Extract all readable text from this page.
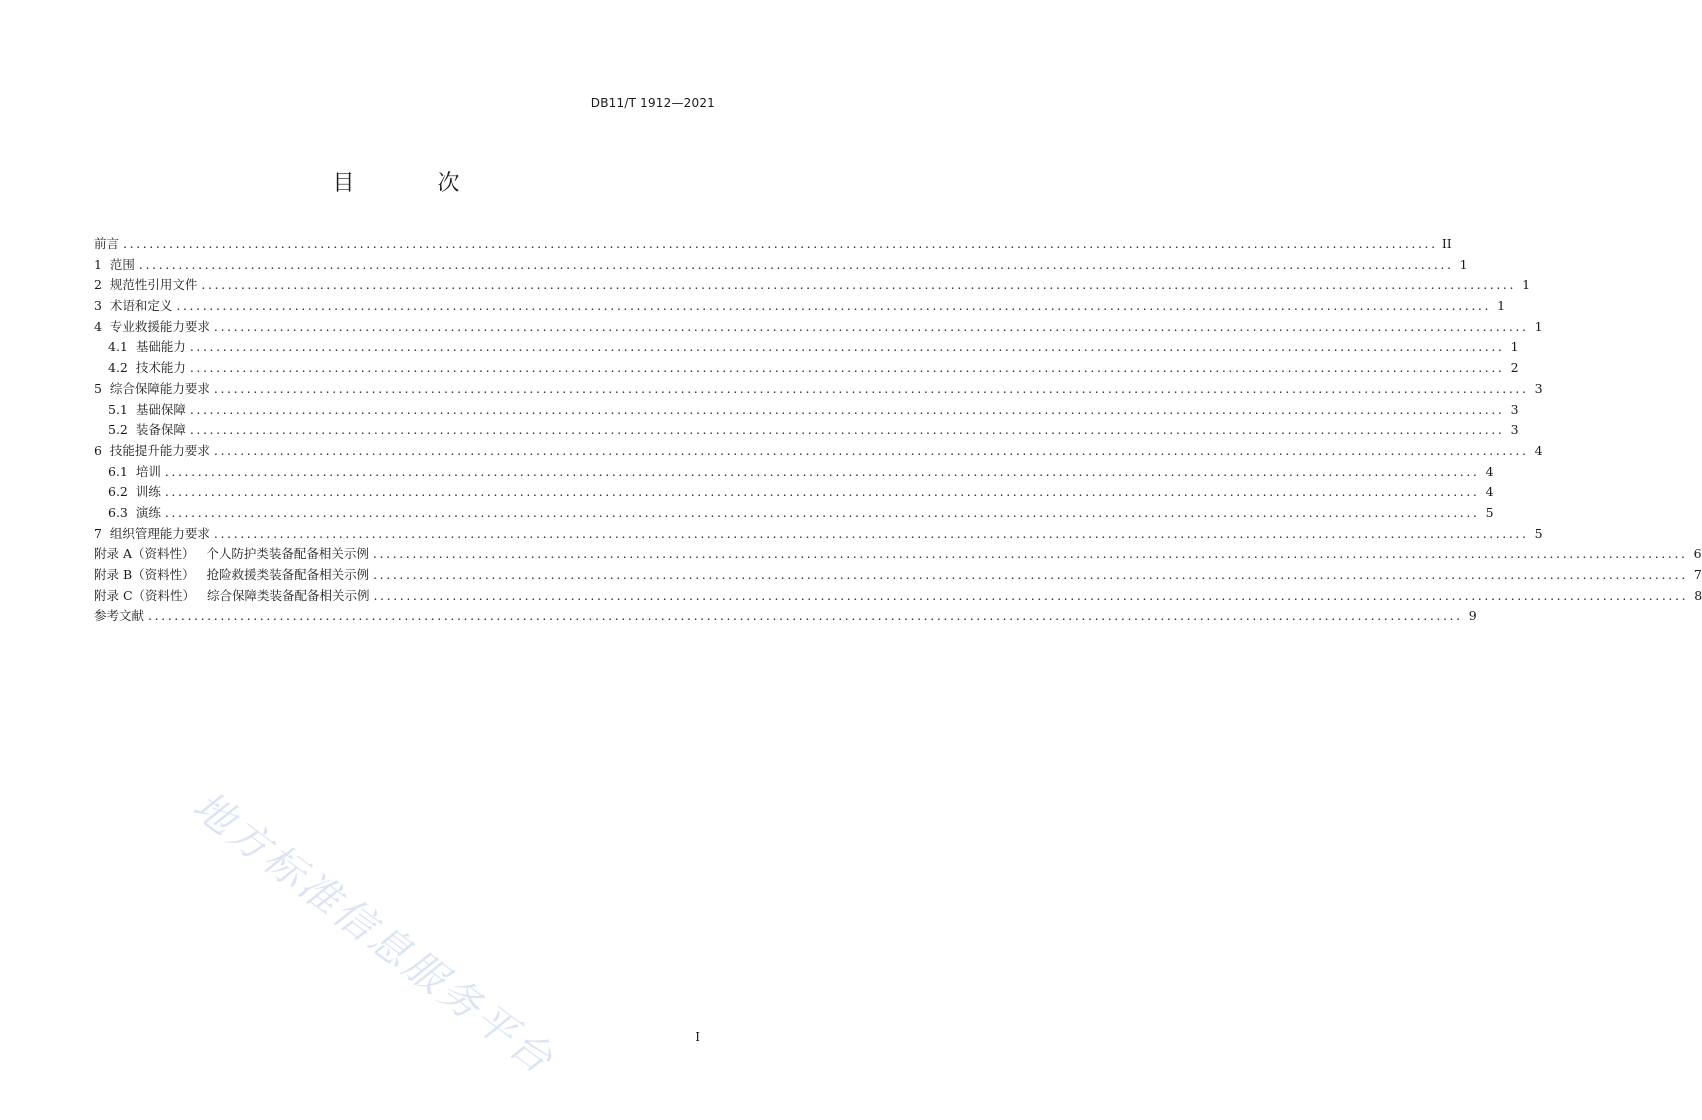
DB11/T 1912—2021
目 次
前言 ........................................................................................................................................................................................................ II
1  范围 ........................................................................................................................................................................................................ 1
2  规范性引用文件 ........................................................................................................................................................................................................ 1
3  术语和定义 ........................................................................................................................................................................................................ 1
4  专业救援能力要求 ........................................................................................................................................................................................................ 1
4.1  基础能力 ........................................................................................................................................................................................................ 1
4.2  技术能力 ........................................................................................................................................................................................................ 2
5  综合保障能力要求 ........................................................................................................................................................................................................ 3
5.1  基础保障 ........................................................................................................................................................................................................ 3
5.2  装备保障 ........................................................................................................................................................................................................ 3
6  技能提升能力要求 ........................................................................................................................................................................................................ 4
6.1  培训 ........................................................................................................................................................................................................ 4
6.2  训练 ........................................................................................................................................................................................................ 4
6.3  演练 ........................................................................................................................................................................................................ 5
7  组织管理能力要求 ........................................................................................................................................................................................................ 5
附录 A（资料性）   个人防护类装备配备相关示例 ........................................................................................................................................................................................................ 6
附录 B（资料性）   抢险救援类装备配备相关示例 ........................................................................................................................................................................................................ 7
附录 C（资料性）   综合保障类装备配备相关示例 ........................................................................................................................................................................................................ 8
参考文献 ........................................................................................................................................................................................................ 9
地方标准信息服务平台	I
